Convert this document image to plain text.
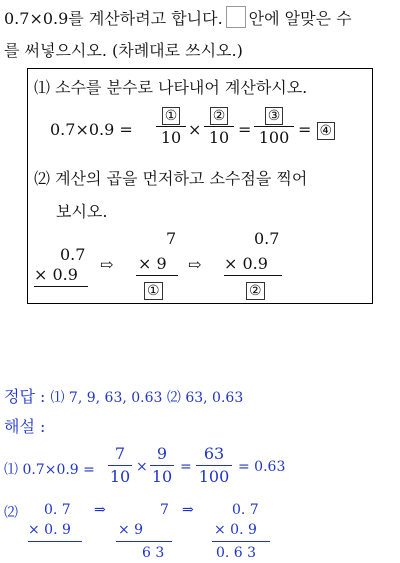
0.7×0.9를 계산하려고 합니다. 안에 알맞은 수
를 써넣으시오. (차례대로 쓰시오.)
⑴ 소수를 분수로 나타내어 계산하시오.
0.7×0.9 =
①
10 ×
②
10 =
③
100 = ④
⑵ 계산의 곱을 먼저하고 소수점을 찍어
보시오.
0.7
× 0.9
⇨
7
× 9
①
⇨
0.7
× 0.9
②
정답 : ⑴ 7, 9, 63, 0.63 ⑵ 63, 0.63
해설 :
⑴ 0.7×0.9 =
7
10 ×
9
10 =
63
100 = 0.63
⑵ 0. 7
× 0. 9
⇒	7
× 9
6 3
⇒	0. 7
× 0. 9
0. 6 3
